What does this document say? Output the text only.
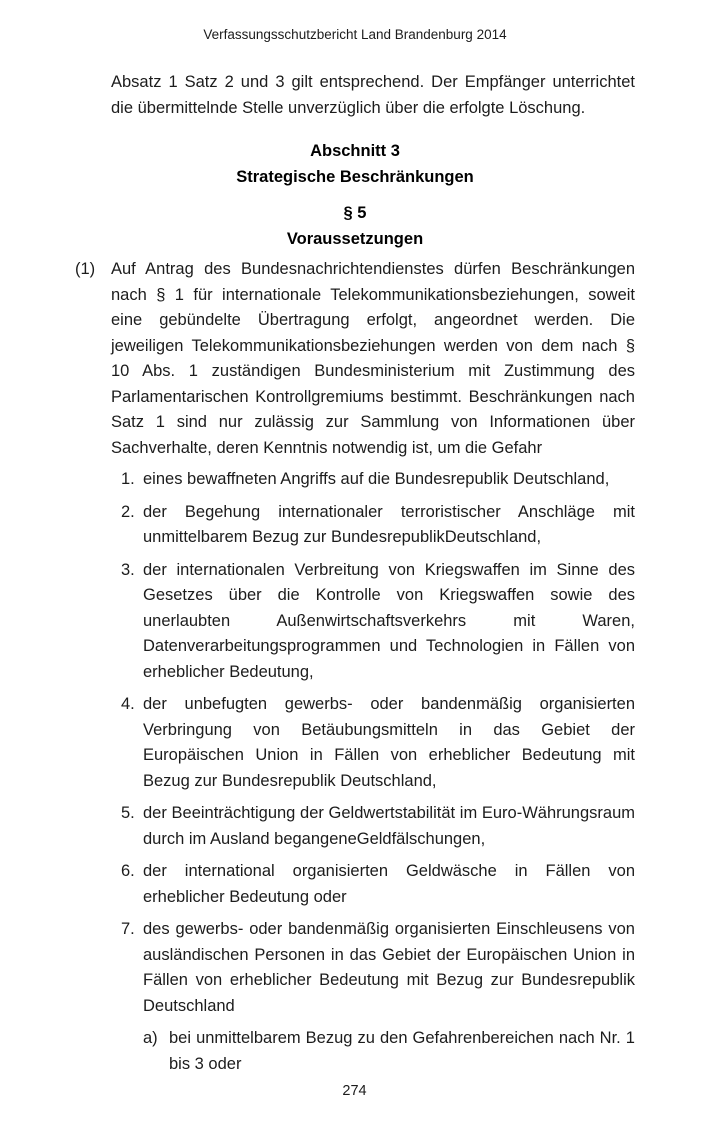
Verfassungsschutzbericht Land Brandenburg 2014

Absatz 1 Satz 2 und 3 gilt entsprechend. Der Empfänger unterrichtet die übermittelnde Stelle unverzüglich über die erfolgte Löschung.

Abschnitt 3
Strategische Beschränkungen
§ 5
Voraussetzungen
(1) Auf Antrag des Bundesnachrichtendienstes dürfen Beschränkungen nach § 1 für internationale Telekommunikationsbeziehungen, soweit eine gebündelte Übertragung erfolgt, angeordnet werden. Die jeweiligen Telekommunikationsbeziehungen werden von dem nach § 10 Abs. 1 zuständigen Bundesministerium mit Zustimmung des Parlamentarischen Kontrollgremiums bestimmt. Beschränkungen nach Satz 1 sind nur zulässig zur Sammlung von Informationen über Sachverhalte, deren Kenntnis notwendig ist, um die Gefahr
1. eines bewaffneten Angriffs auf die Bundesrepublik Deutschland,
2. der Begehung internationaler terroristischer Anschläge mit unmittelbarem Bezug zur BundesrepublikDeutschland,
3. der internationalen Verbreitung von Kriegswaffen im Sinne des Gesetzes über die Kontrolle von Kriegswaffen sowie des unerlaubten Außenwirtschaftsverkehrs mit Waren, Datenverarbeitungsprogrammen und Technologien in Fällen von erheblicher Bedeutung,
4. der unbefugten gewerbs- oder bandenmäßig organisierten Verbringung von Betäubungsmitteln in das Gebiet der Europäischen Union in Fällen von erheblicher Bedeutung mit Bezug zur Bundesrepublik Deutschland,
5. der Beeinträchtigung der Geldwertstabilität im Euro-Währungsraum durch im Ausland begangeneGeldfälschungen,
6. der international organisierten Geldwäsche in Fällen von erheblicher Bedeutung oder
7. des gewerbs- oder bandenmäßig organisierten Einschleusens von ausländischen Personen in das Gebiet der Europäischen Union in Fällen von erheblicher Bedeutung mit Bezug zur Bundesrepublik Deutschland
a) bei unmittelbarem Bezug zu den Gefahrenbereichen nach Nr. 1 bis 3 oder
274
